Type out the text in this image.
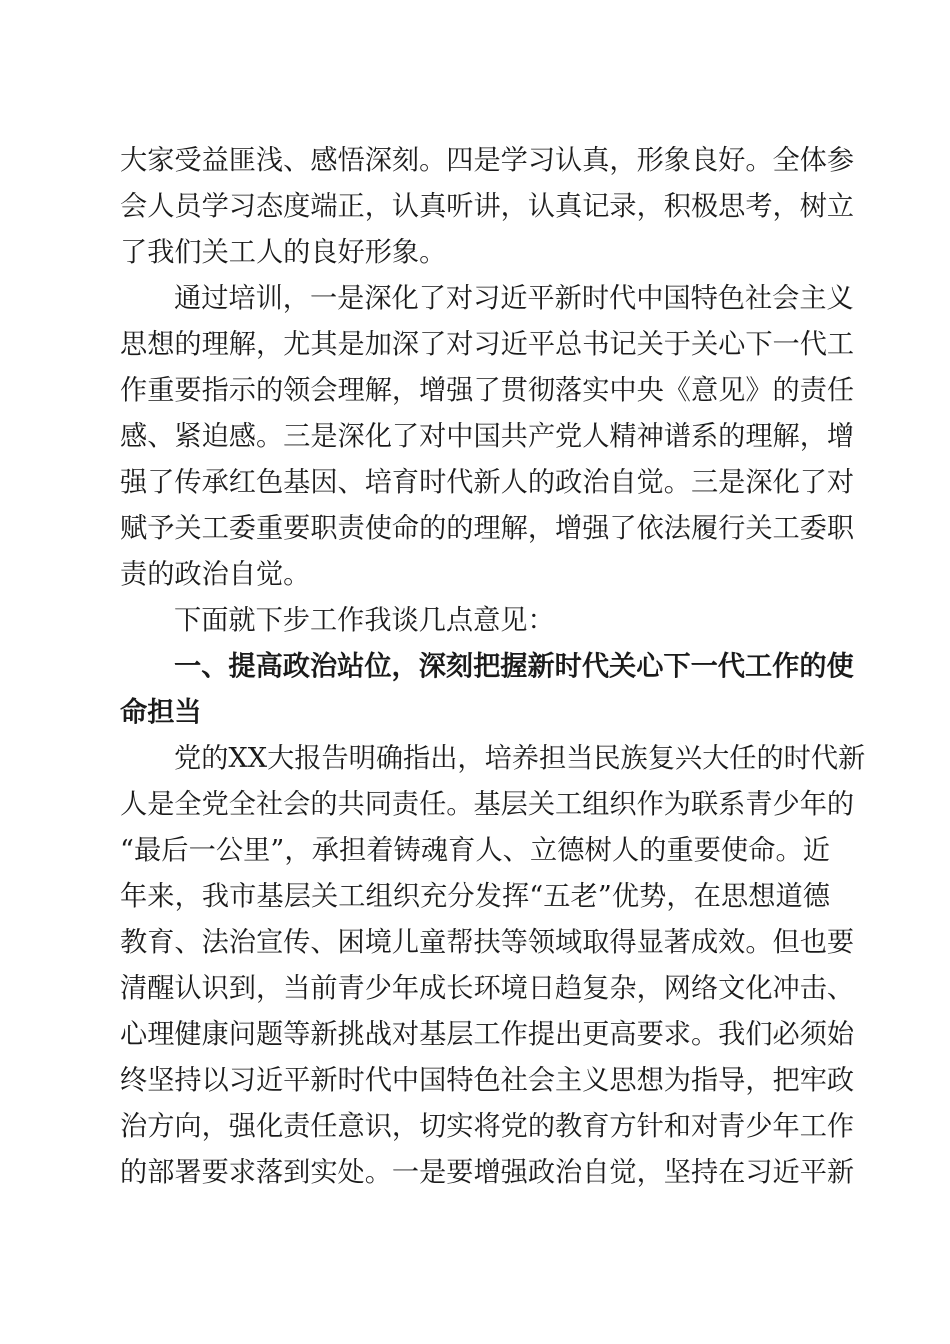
大家受益匪浅、感悟深刻。四是学习认真，形象良好。全体参
会人员学习态度端正，认真听讲，认真记录，积极思考，树立
了我们关工人的良好形象。
通过培训，一是深化了对习近平新时代中国特色社会主义
思想的理解，尤其是加深了对习近平总书记关于关心下一代工
作重要指示的领会理解，增强了贯彻落实中央《意见》的责任
感、紧迫感。三是深化了对中国共产党人精神谱系的理解，增
强了传承红色基因、培育时代新人的政治自觉。三是深化了对
赋予关工委重要职责使命的的理解，增强了依法履行关工委职
责的政治自觉。
下面就下步工作我谈几点意见：
一、提高政治站位，深刻把握新时代关心下一代工作的使
命担当
党的XX大报告明确指出，培养担当民族复兴大任的时代新
人是全党全社会的共同责任。基层关工组织作为联系青少年的
“最后一公里”，承担着铸魂育人、立德树人的重要使命。近
年来，我市基层关工组织充分发挥“五老”优势，在思想道德
教育、法治宣传、困境儿童帮扶等领域取得显著成效。但也要
清醒认识到，当前青少年成长环境日趋复杂，网络文化冲击、
心理健康问题等新挑战对基层工作提出更高要求。我们必须始
终坚持以习近平新时代中国特色社会主义思想为指导，把牢政
治方向，强化责任意识，切实将党的教育方针和对青少年工作
的部署要求落到实处。一是要增强政治自觉，坚持在习近平新
